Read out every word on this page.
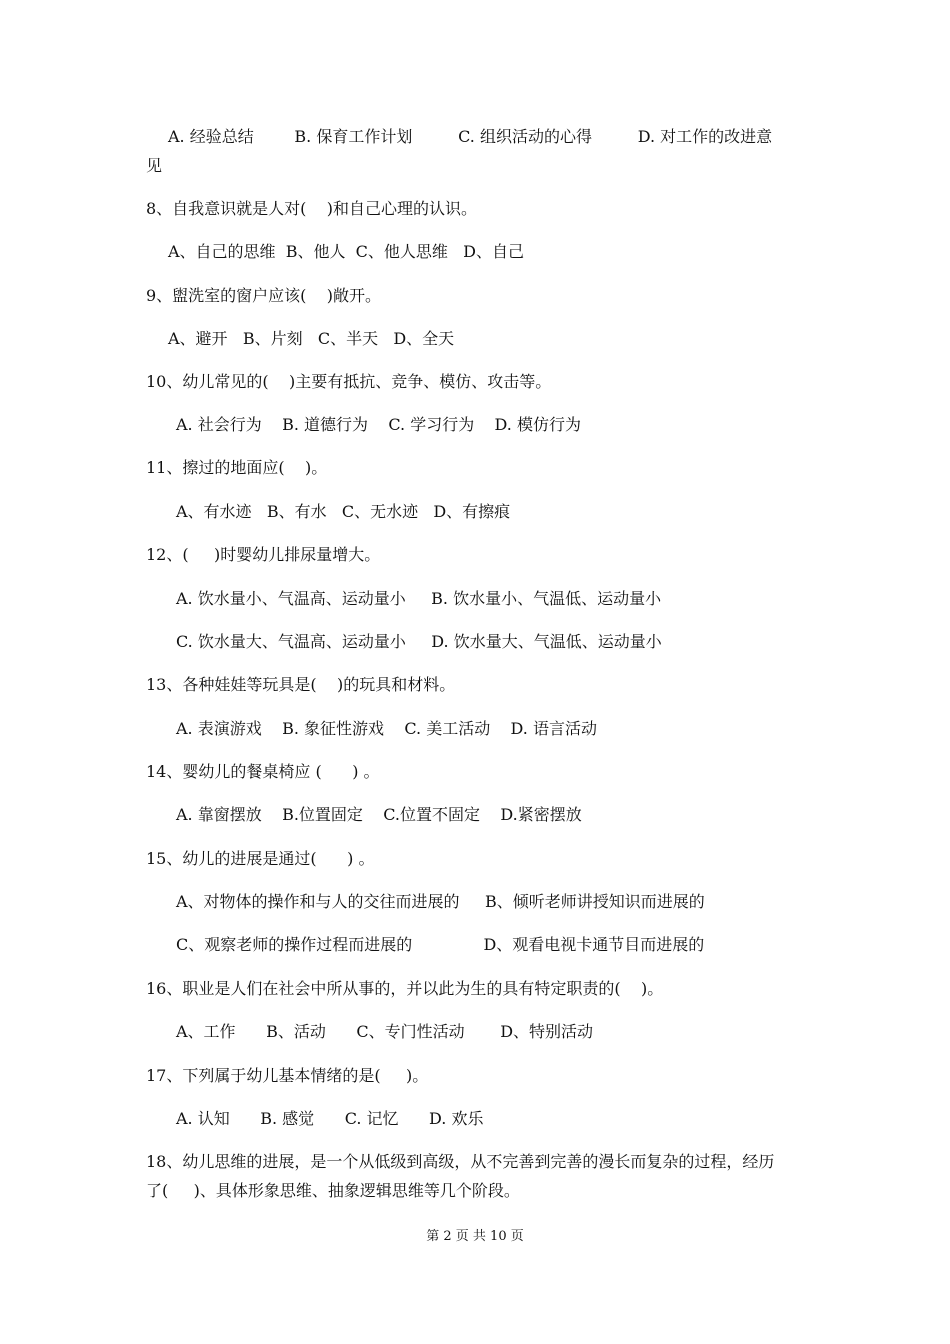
A. 经验总结        B. 保育工作计划         C. 组织活动的心得         D. 对工作的改进意
见
8、自我意识就是人对(    )和自己心理的认识。
A、自己的思维  B、他人  C、他人思维   D、自己
9、盥洗室的窗户应该(    )敞开。
A、避开   B、片刻   C、半天   D、全天
10、幼儿常见的(    )主要有抵抗、竞争、模仿、攻击等。
A. 社会行为    B. 道德行为    C. 学习行为    D. 模仿行为
11、擦过的地面应(    )。
A、有水迹   B、有水   C、无水迹   D、有擦痕
12、(     )时婴幼儿排尿量增大。
A. 饮水量小、气温高、运动量小     B. 饮水量小、气温低、运动量小
C. 饮水量大、气温高、运动量小     D. 饮水量大、气温低、运动量小
13、各种娃娃等玩具是(    )的玩具和材料。
A. 表演游戏    B. 象征性游戏    C. 美工活动    D. 语言活动
14、婴幼儿的餐桌椅应 (      ) 。
A. 靠窗摆放    B.位置固定    C.位置不固定    D.紧密摆放
15、幼儿的进展是通过(      ) 。
A、对物体的操作和与人的交往而进展的     B、倾听老师讲授知识而进展的
C、观察老师的操作过程而进展的              D、观看电视卡通节目而进展的
16、职业是人们在社会中所从事的，并以此为生的具有特定职责的(    )。
A、工作      B、活动      C、专门性活动       D、特别活动
17、下列属于幼儿基本情绪的是(     )。
A. 认知      B. 感觉      C. 记忆      D. 欢乐
18、幼儿思维的进展，是一个从低级到高级，从不完善到完善的漫长而复杂的过程，经历
了(     )、具体形象思维、抽象逻辑思维等几个阶段。
第 2 页 共 10 页
